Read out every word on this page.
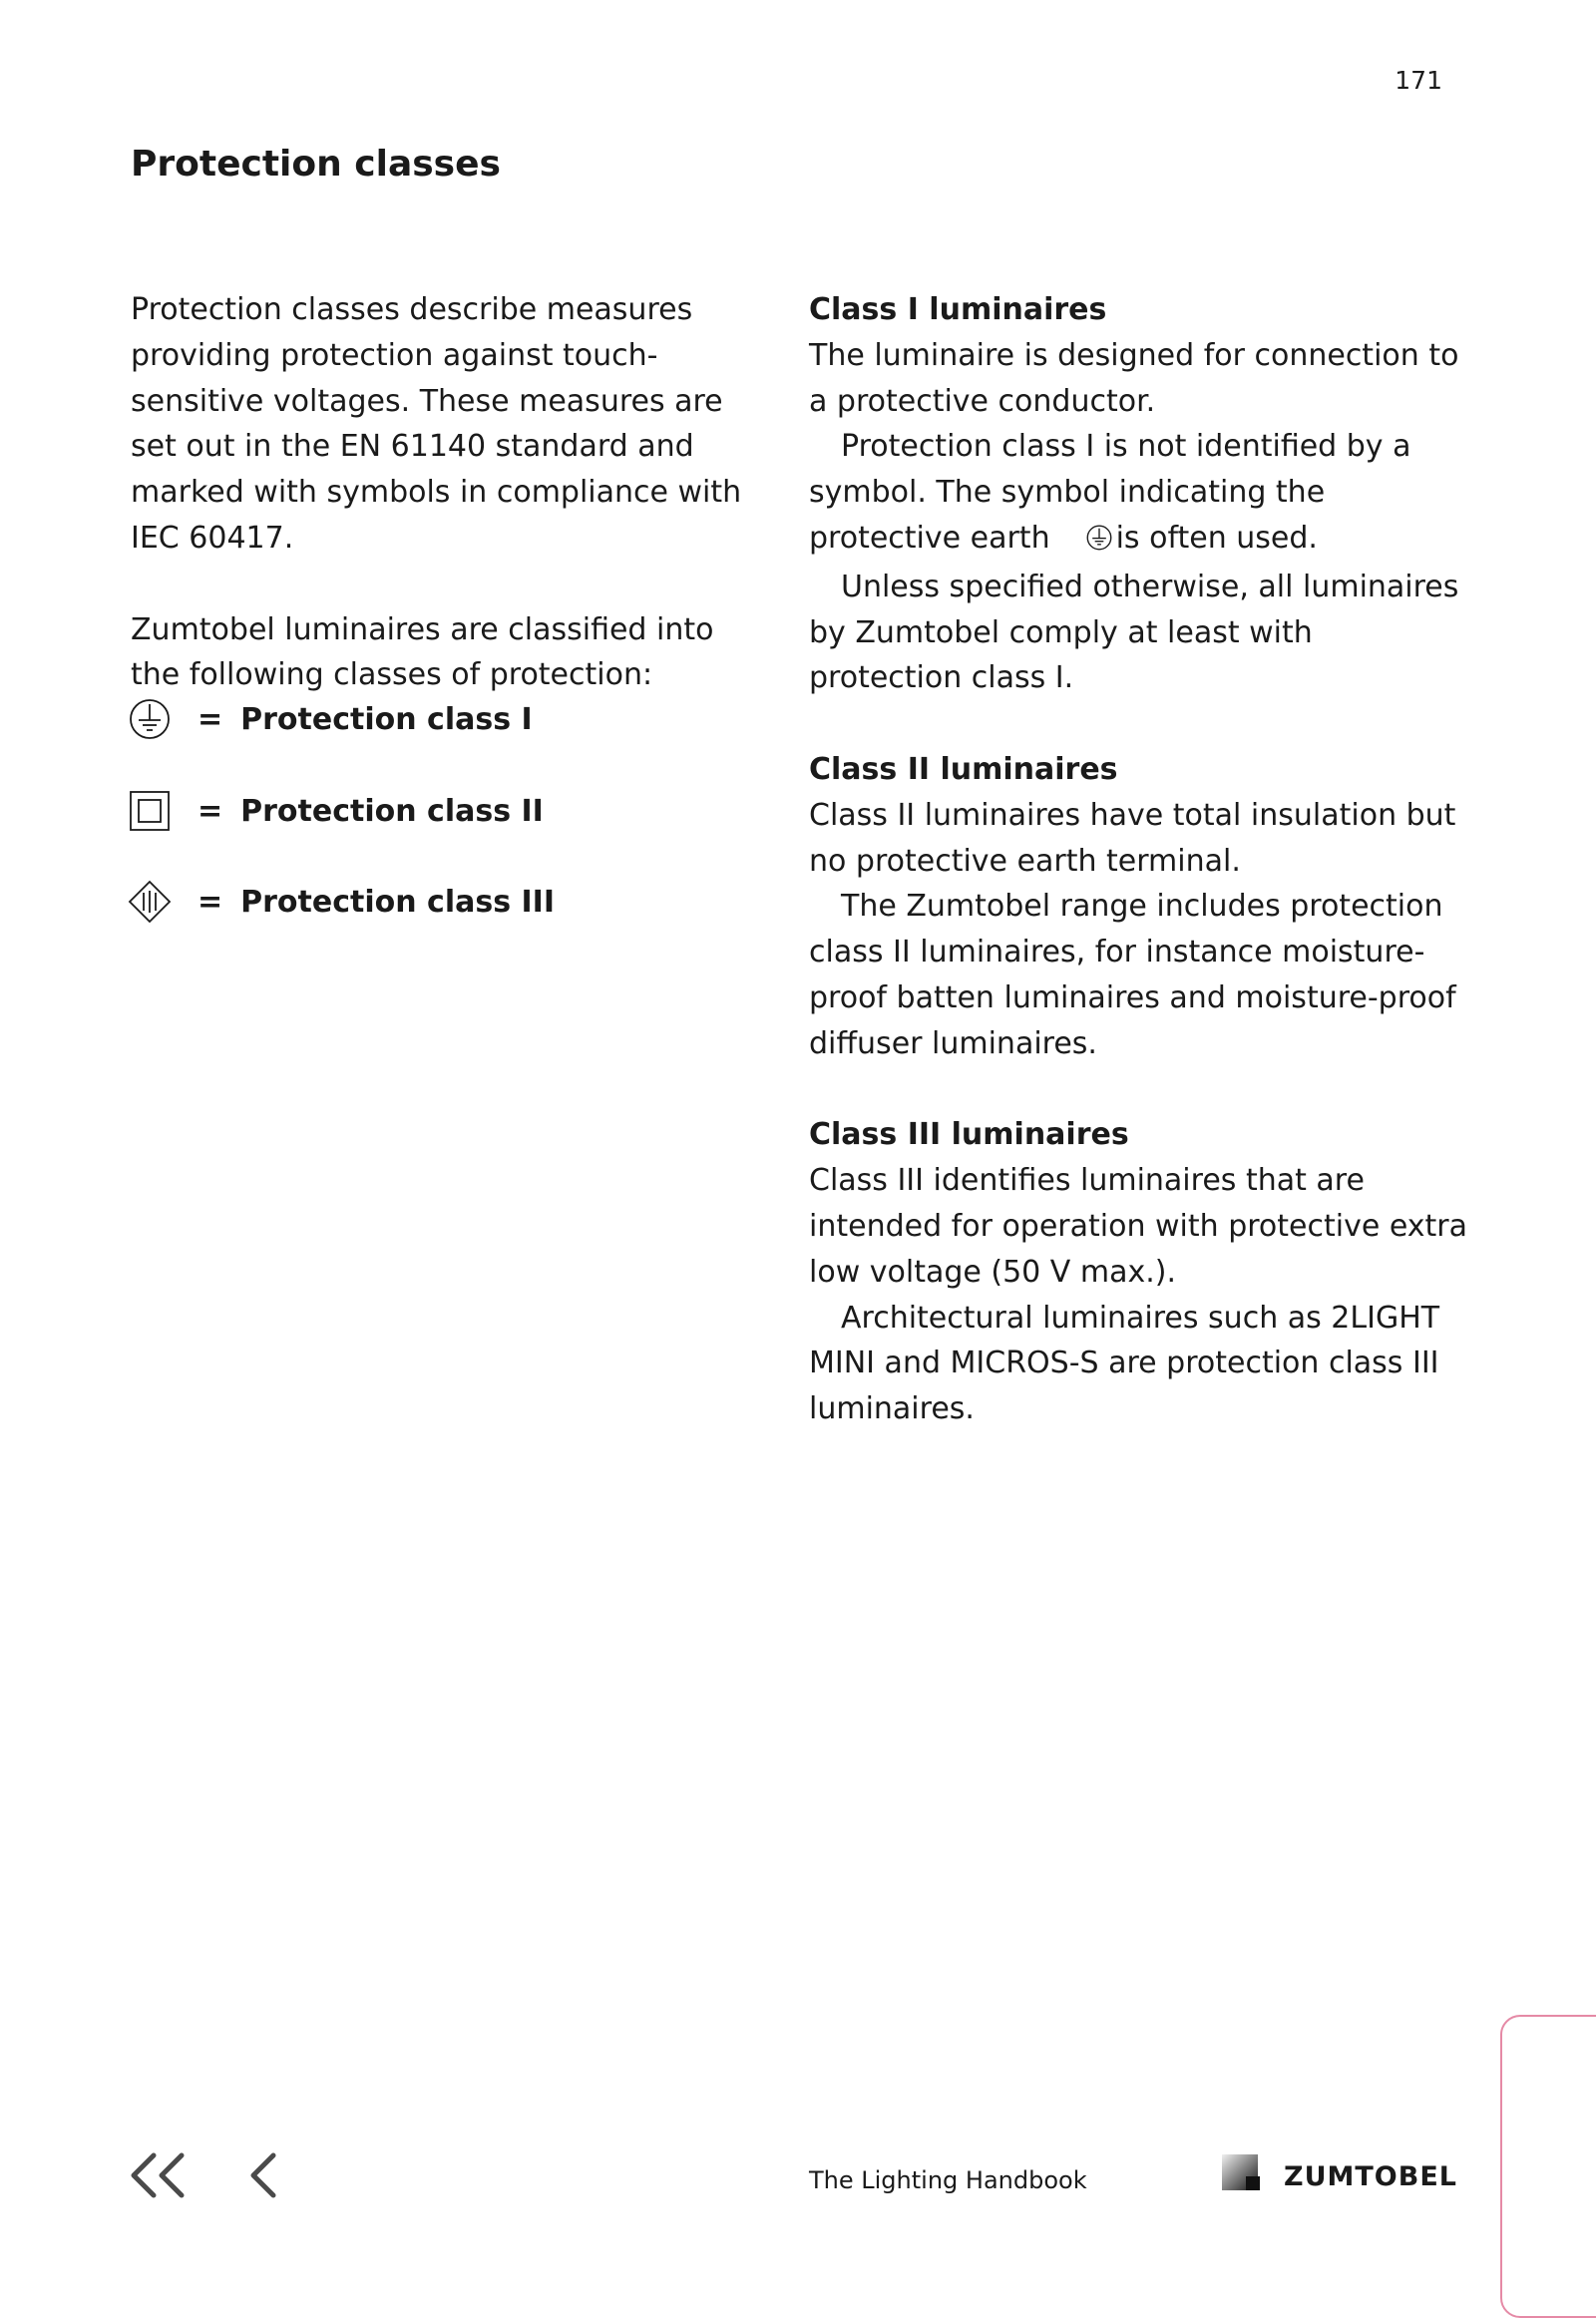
171
Protection classes

Protection classes describe measures providing protection against touch-sensitive voltages. These measures are set out in the EN 61140 standard and marked with symbols in compliance with IEC 60417.

Zumtobel luminaires are classified into the following classes of protection:

= Protection class I
= Protection class II
= Protection class III

Class I luminaires

The luminaire is designed for connection to a protective conductor.

Protection class I is not identified by a symbol. The symbol indicating the protective earth is often used.

Unless specified otherwise, all luminaires by Zumtobel comply at least with protection class I.

Class II luminaires

Class II luminaires have total insulation but no protective earth terminal.

The Zumtobel range includes protection class II luminaires, for instance moisture-proof batten luminaires and moisture-proof diffuser luminaires.

Class III luminaires

Class III identifies luminaires that are intended for operation with protective extra low voltage (50 V max.).

Architectural luminaires such as 2LIGHT MINI and MICROS-S are protection class III luminaires.

The Lighting Handbook	ZUMTOBEL
